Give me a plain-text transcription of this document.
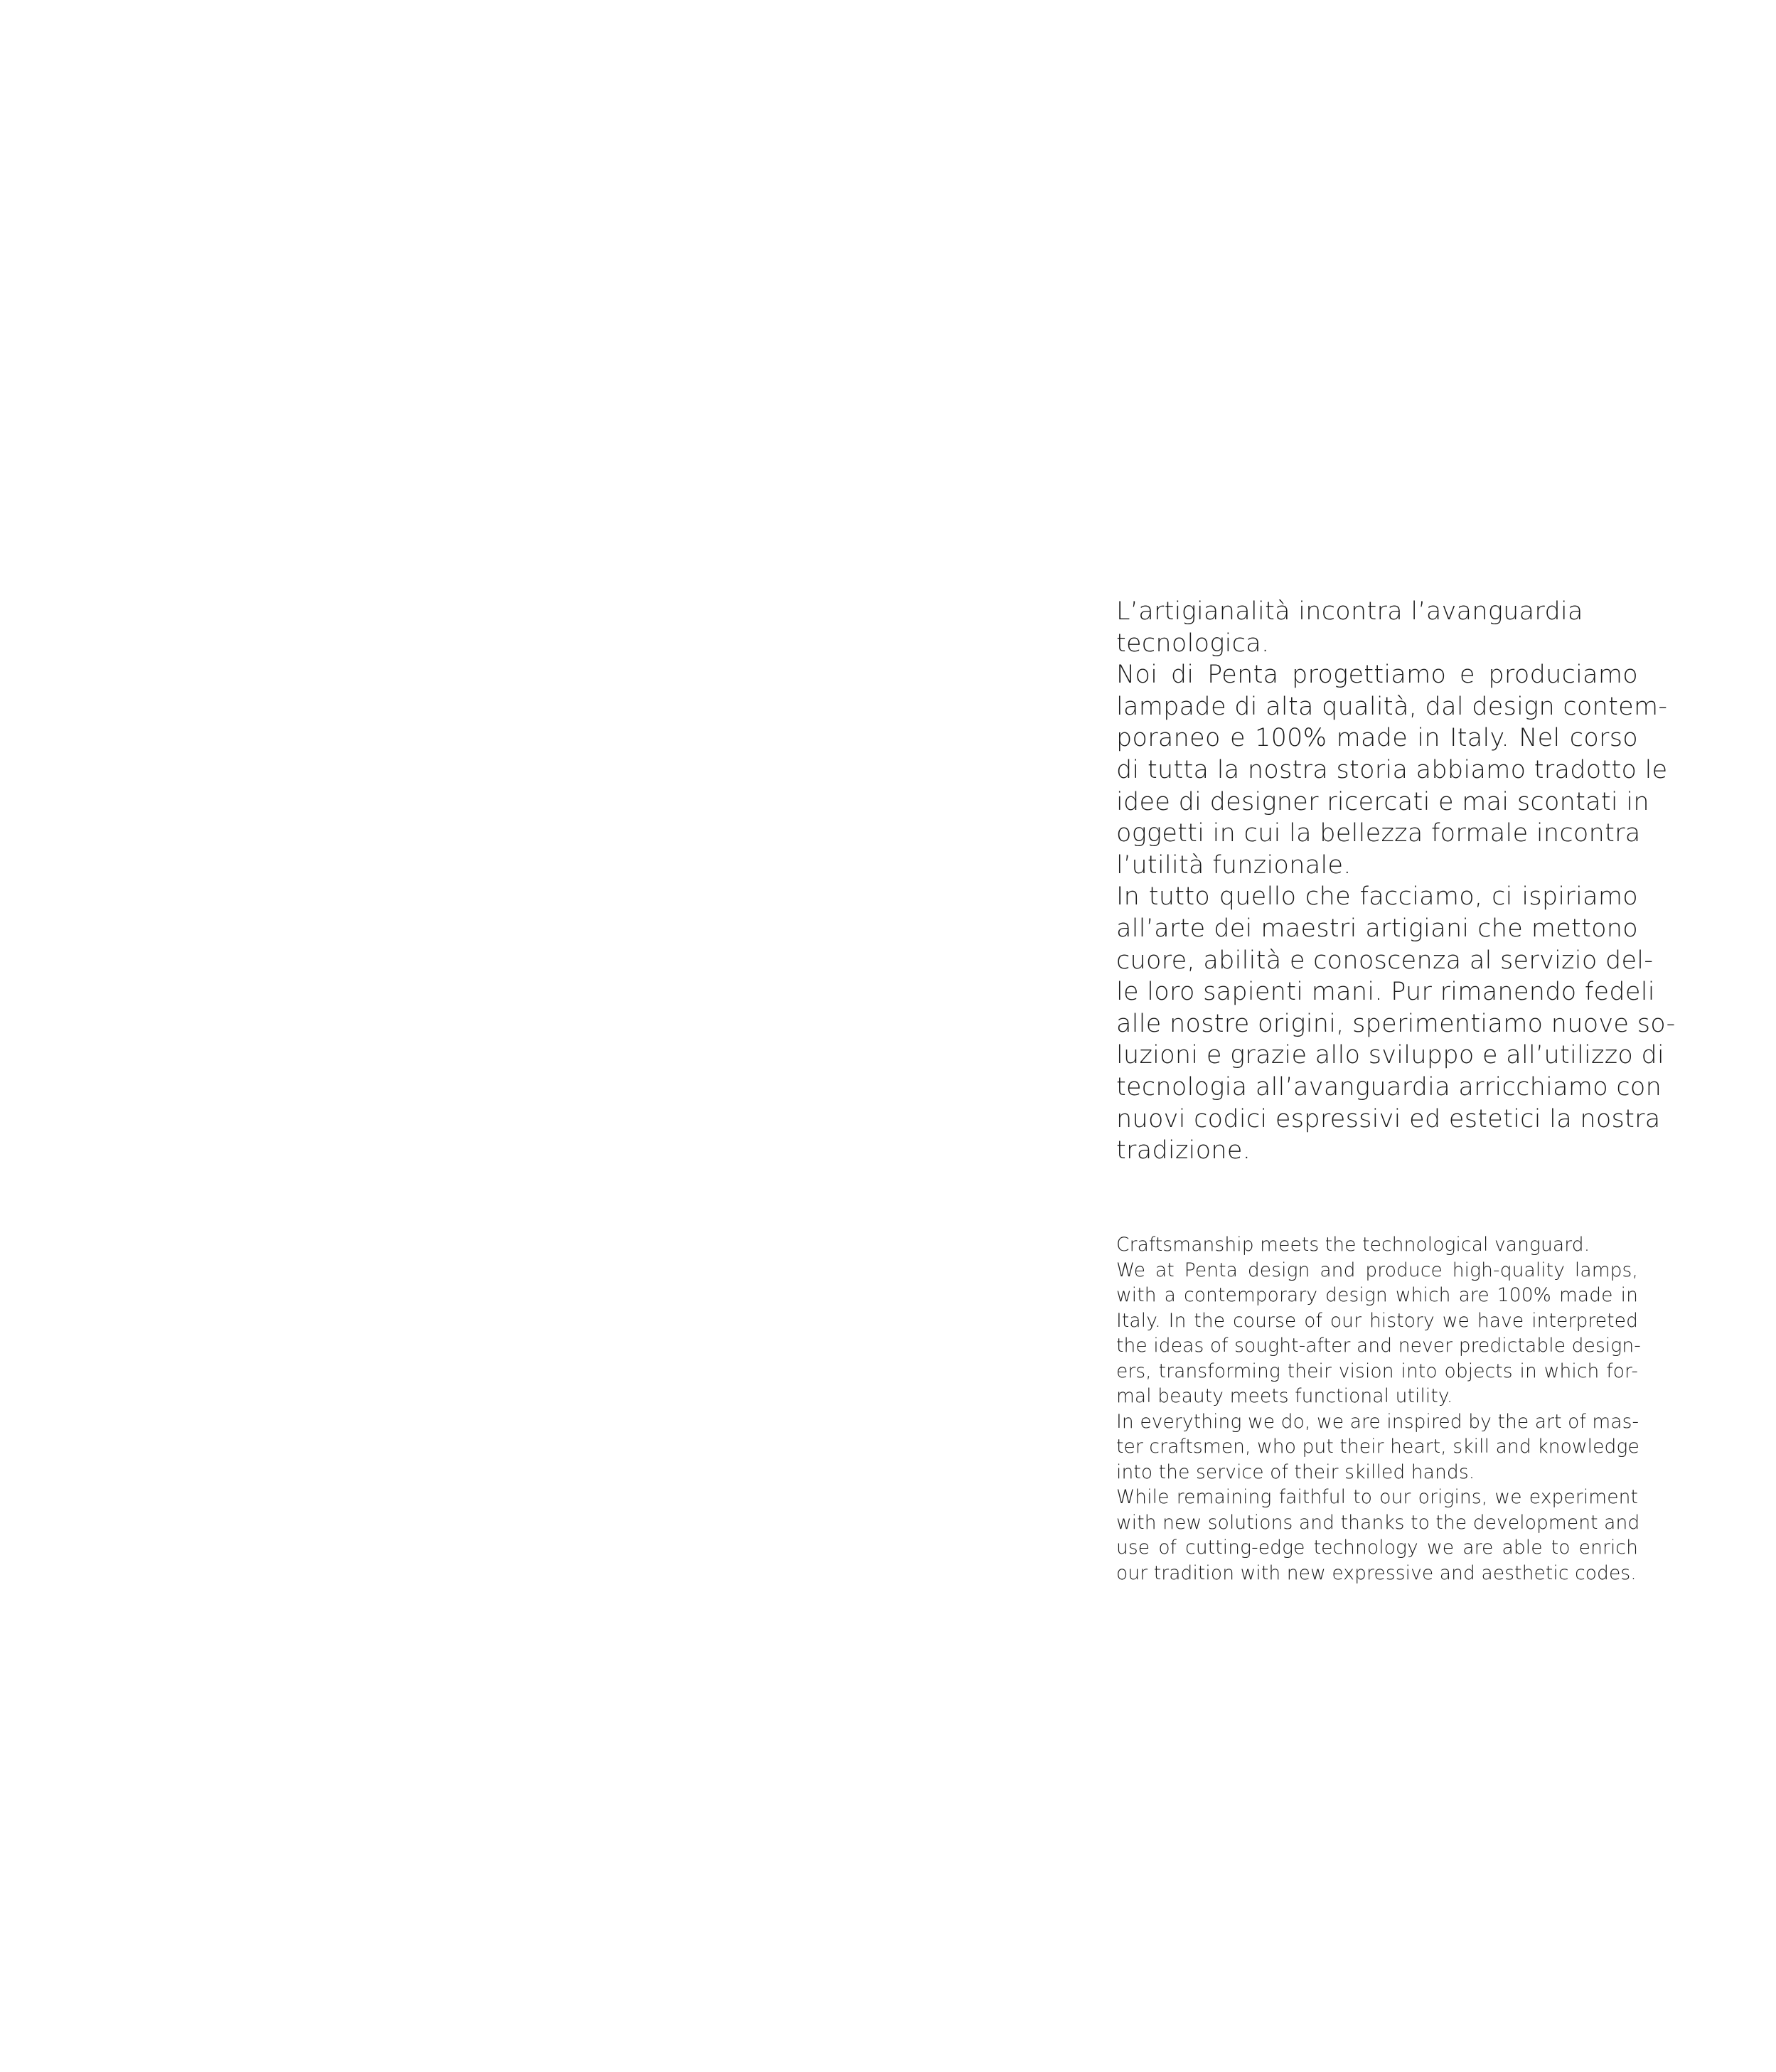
L’artigianalità incontra l’avanguardia
tecnologica.
Noi di Penta progettiamo e produciamo
lampade di alta qualità, dal design contem-
poraneo e 100% made in Italy. Nel corso
di tutta la nostra storia abbiamo tradotto le
idee di designer ricercati e mai scontati in
oggetti in cui la bellezza formale incontra
l’utilità funzionale.
In tutto quello che facciamo, ci ispiriamo
all’arte dei maestri artigiani che mettono
cuore, abilità e conoscenza al servizio del-
le loro sapienti mani. Pur rimanendo fedeli
alle nostre origini, sperimentiamo nuove so-
luzioni e grazie allo sviluppo e all’utilizzo di
tecnologia all’avanguardia arricchiamo con
nuovi codici espressivi ed estetici la nostra
tradizione.
Craftsmanship meets the technological vanguard.
We at Penta design and produce high-quality lamps,
with a contemporary design which are 100% made in
Italy. In the course of our history we have interpreted
the ideas of sought-after and never predictable design-
ers, transforming their vision into objects in which for-
mal beauty meets functional utility.
In everything we do, we are inspired by the art of mas-
ter craftsmen, who put their heart, skill and knowledge
into the service of their skilled hands.
While remaining faithful to our origins, we experiment
with new solutions and thanks to the development and
use of cutting-edge technology we are able to enrich
our tradition with new expressive and aesthetic codes.
